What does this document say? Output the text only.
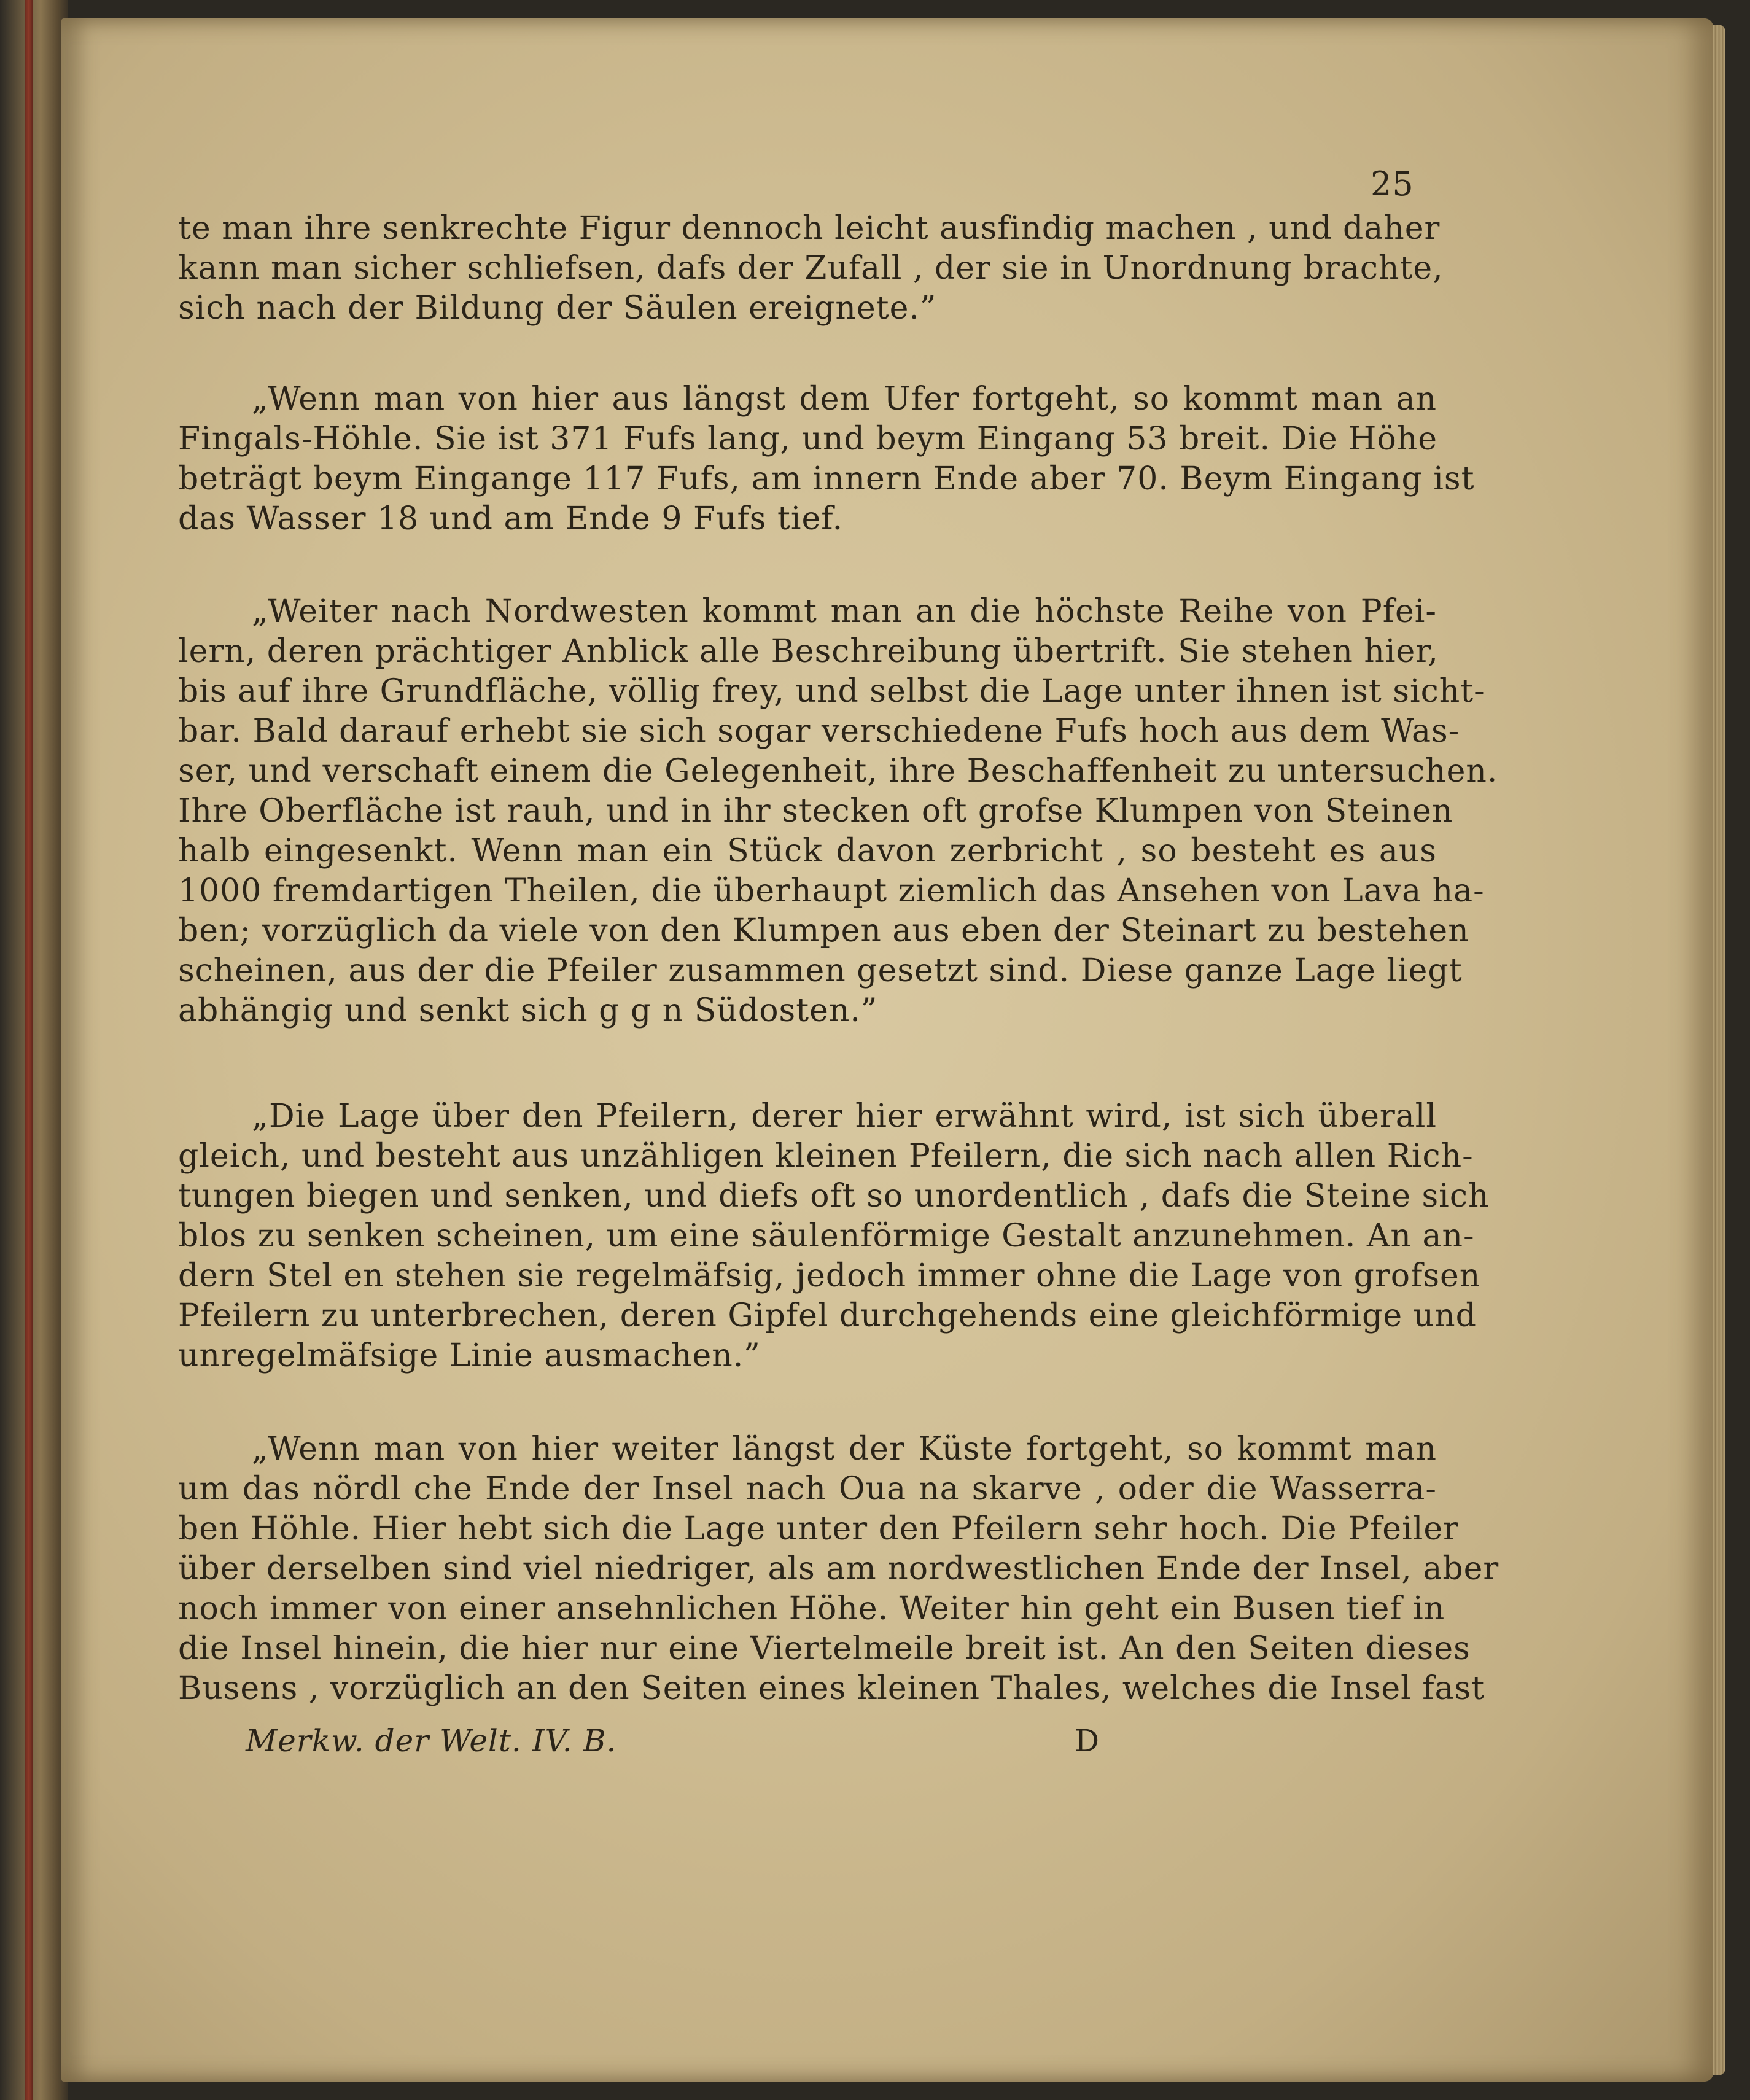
25
te man ihre senkrechte Figur dennoch leicht ausfindig machen , und daher
kann man sicher schliefsen, dafs der Zufall , der sie in Unordnung brachte,
sich nach der Bildung der Säulen ereignete.”
„Wenn man von hier aus längst dem Ufer fortgeht, so kommt man an
Fingals-Höhle. Sie ist 371 Fufs lang, und beym Eingang 53 breit. Die Höhe
beträgt beym Eingange 117 Fufs, am innern Ende aber 70. Beym Eingang ist
das Wasser 18 und am Ende 9 Fufs tief.
„Weiter nach Nordwesten kommt man an die höchste Reihe von Pfei-
lern, deren prächtiger Anblick alle Beschreibung übertrift. Sie stehen hier,
bis auf ihre Grundfläche, völlig frey, und selbst die Lage unter ihnen ist sicht-
bar. Bald darauf erhebt sie sich sogar verschiedene Fufs hoch aus dem Was-
ser, und verschaft einem die Gelegenheit, ihre Beschaffenheit zu untersuchen.
Ihre Oberfläche ist rauh, und in ihr stecken oft grofse Klumpen von Steinen
halb eingesenkt. Wenn man ein Stück davon zerbricht , so besteht es aus
1000 fremdartigen Theilen, die überhaupt ziemlich das Ansehen von Lava ha-
ben; vorzüglich da viele von den Klumpen aus eben der Steinart zu bestehen
scheinen, aus der die Pfeiler zusammen gesetzt sind. Diese ganze Lage liegt
abhängig und senkt sich g g n Südosten.”
„Die Lage über den Pfeilern, derer hier erwähnt wird, ist sich überall
gleich, und besteht aus unzähligen kleinen Pfeilern, die sich nach allen Rich-
tungen biegen und senken, und diefs oft so unordentlich , dafs die Steine sich
blos zu senken scheinen, um eine säulenförmige Gestalt anzunehmen. An an-
dern Stel en stehen sie regelmäfsig, jedoch immer ohne die Lage von grofsen
Pfeilern zu unterbrechen, deren Gipfel durchgehends eine gleichförmige und
unregelmäfsige Linie ausmachen.”
„Wenn man von hier weiter längst der Küste fortgeht, so kommt man
um das nördl che Ende der Insel nach Oua na skarve , oder die Wasserra-
ben Höhle. Hier hebt sich die Lage unter den Pfeilern sehr hoch. Die Pfeiler
über derselben sind viel niedriger, als am nordwestlichen Ende der Insel, aber
noch immer von einer ansehnlichen Höhe. Weiter hin geht ein Busen tief in
die Insel hinein, die hier nur eine Viertelmeile breit ist. An den Seiten dieses
Busens , vorzüglich an den Seiten eines kleinen Thales, welches die Insel fast
Merkw. der Welt. IV. B.	D
